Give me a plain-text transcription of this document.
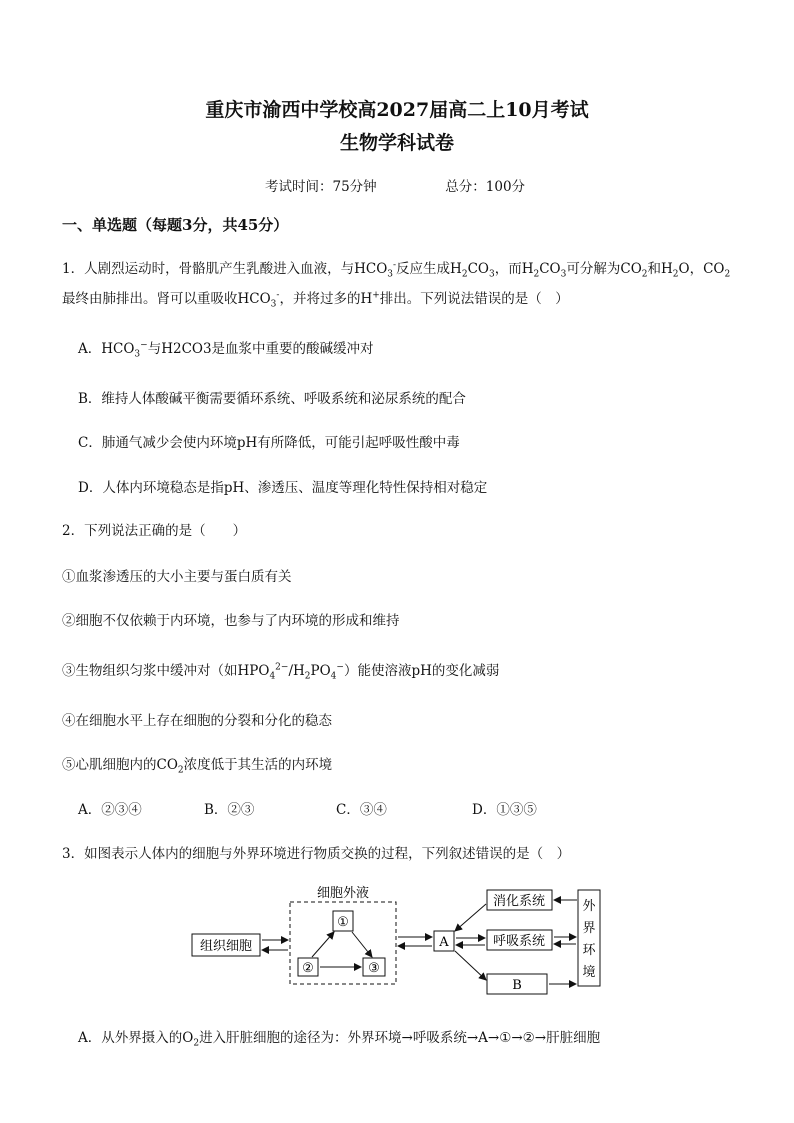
重庆市渝西中学校高2027届高二上10月考试
生物学科试卷
考试时间：75分钟	总分：100分
一、单选题（每题3分，共45分）
1．人剧烈运动时，骨骼肌产生乳酸进入血液，与$HCO_3^-$反应生成$H_2CO_3$，而$H_2CO_3$可分解为$CO_2$和$H_2O$，$CO_2$
最终由肺排出。肾可以重吸收$HCO_3^-$，并将过多的H+排出。下列说法错误的是（　）
A．$HCO_3^-$与H2CO3是血浆中重要的酸碱缓冲对
B．维持人体酸碱平衡需要循环系统、呼吸系统和泌尿系统的配合
C．肺通气减少会使内环境pH有所降低，可能引起呼吸性酸中毒
D．人体内环境稳态是指pH、渗透压、温度等理化特性保持相对稳定
2．下列说法正确的是（　　）
①血浆渗透压的大小主要与蛋白质有关
②细胞不仅依赖于内环境，也参与了内环境的形成和维持
③生物组织匀浆中缓冲对（如$HPO_4^{2-}/H_2PO_4^-$）能使溶液pH的变化减弱
④在细胞水平上存在细胞的分裂和分化的稳态
⑤心肌细胞内的$CO_2$浓度低于其生活的内环境
A．②③④	B．②③	C．③④	D．①③⑤
3．如图表示人体内的细胞与外界环境进行物质交换的过程，下列叙述错误的是（　）
细胞外液
组织细胞
①
②	③
A
消化系统
呼吸系统
B
外
界
环
境
A．从外界摄入的$O_2$进入肝脏细胞的途径为：外界环境→呼吸系统→A→①→②→肝脏细胞
